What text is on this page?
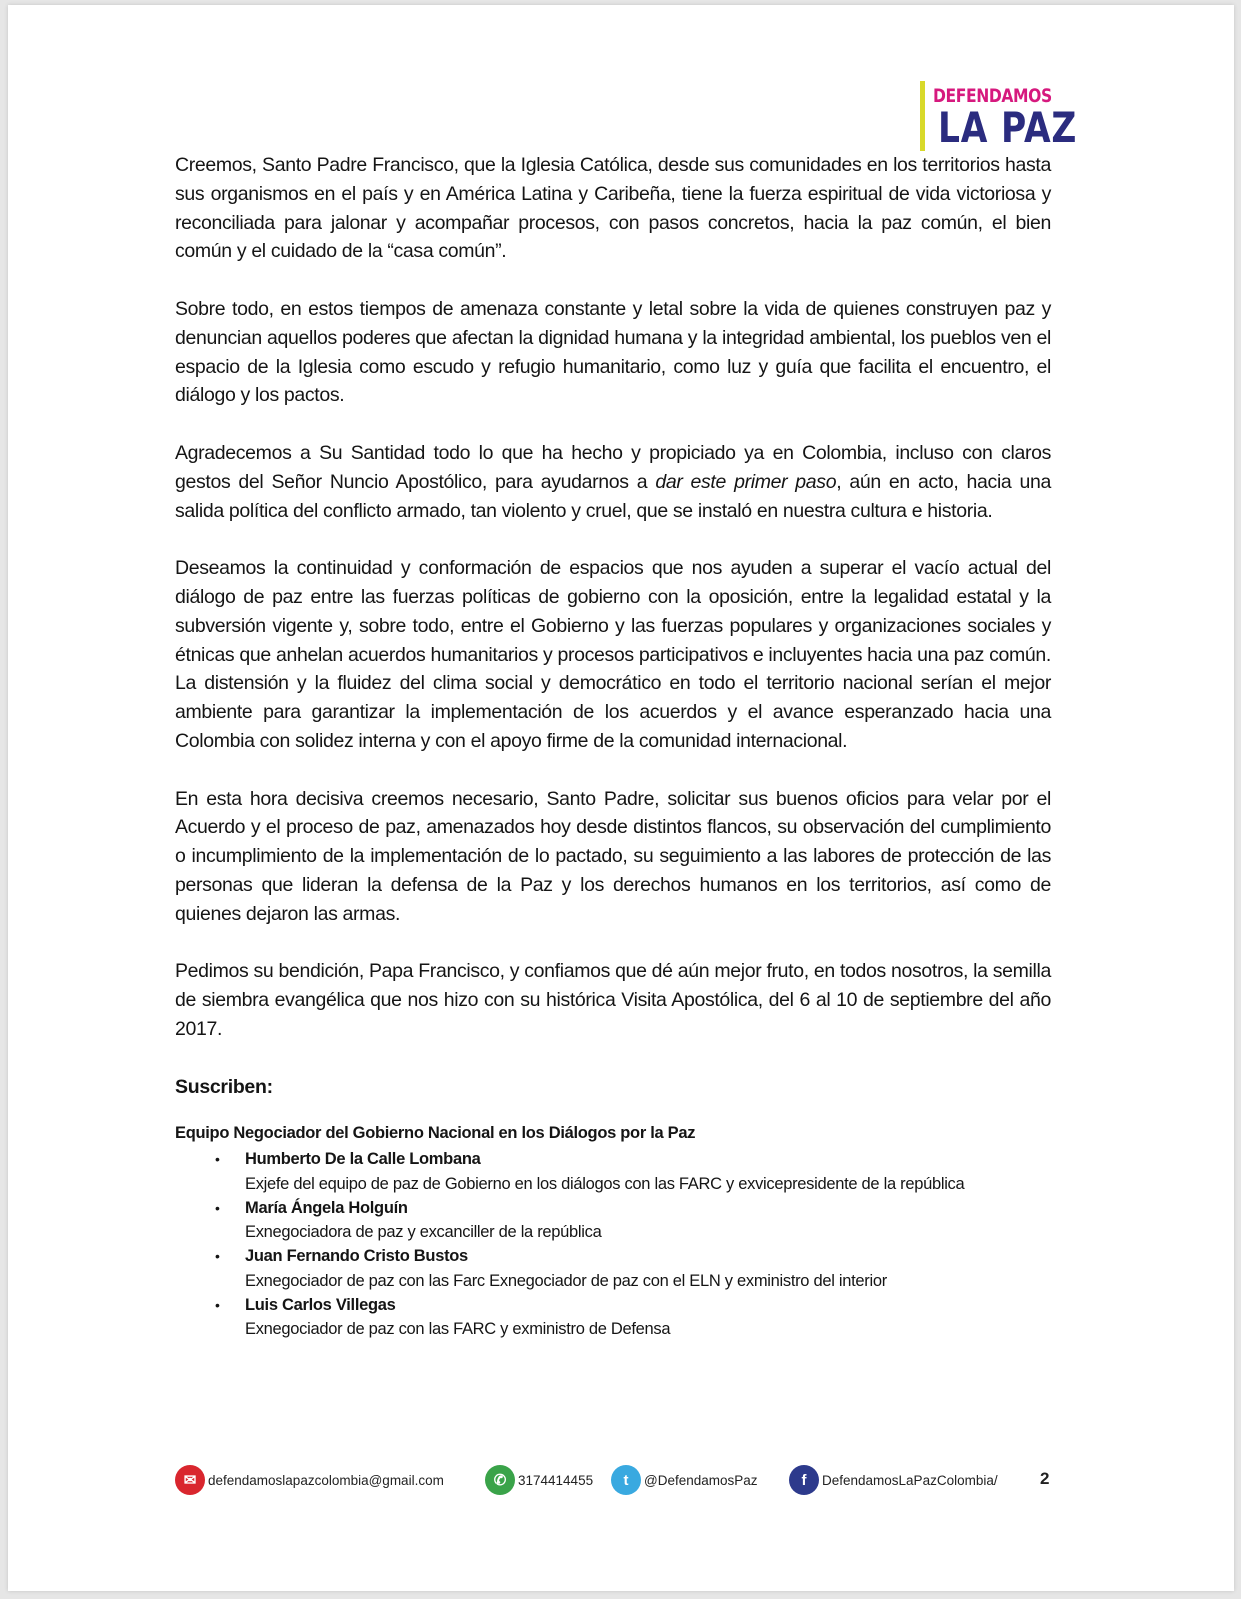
DEFENDAMOS
LA PAZ

Creemos, Santo Padre Francisco, que la Iglesia Católica, desde sus comunidades en los territorios hasta sus organismos en el país y en América Latina y Caribeña, tiene la fuerza espiritual de vida victoriosa y reconciliada para jalonar y acompañar procesos, con pasos concretos, hacia la paz común, el bien común y el cuidado de la “casa común”.

Sobre todo, en estos tiempos de amenaza constante y letal sobre la vida de quienes construyen paz y denuncian aquellos poderes que afectan la dignidad humana y la integridad ambiental, los pueblos ven el espacio de la Iglesia como escudo y refugio humanitario, como luz y guía que facilita el encuentro, el diálogo y los pactos.

Agradecemos a Su Santidad todo lo que ha hecho y propiciado ya en Colombia, incluso con claros gestos del Señor Nuncio Apostólico, para ayudarnos a dar este primer paso, aún en acto, hacia una salida política del conflicto armado, tan violento y cruel, que se instaló en nuestra cultura e historia.

Deseamos la continuidad y conformación de espacios que nos ayuden a superar el vacío actual del diálogo de paz entre las fuerzas políticas de gobierno con la oposición, entre la legalidad estatal y la subversión vigente y, sobre todo, entre el Gobierno y las fuerzas populares y organizaciones sociales y étnicas que anhelan acuerdos humanitarios y procesos participativos e incluyentes hacia una paz común. La distensión y la fluidez del clima social y democrático en todo el territorio nacional serían el mejor ambiente para garantizar la implementación de los acuerdos y el avance esperanzado hacia una Colombia con solidez interna y con el apoyo firme de la comunidad internacional.

En esta hora decisiva creemos necesario, Santo Padre, solicitar sus buenos oficios para velar por el Acuerdo y el proceso de paz, amenazados hoy desde distintos flancos, su observación del cumplimiento o incumplimiento de la implementación de lo pactado, su seguimiento a las labores de protección de las personas que lideran la defensa de la Paz y los derechos humanos en los territorios, así como de quienes dejaron las armas.

Pedimos su bendición, Papa Francisco, y confiamos que dé aún mejor fruto, en todos nosotros, la semilla de siembra evangélica que nos hizo con su histórica Visita Apostólica, del 6 al 10 de septiembre del año 2017.

Suscriben:
Equipo Negociador del Gobierno Nacional en los Diálogos por la Paz
• Humberto De la Calle Lombana
Exjefe del equipo de paz de Gobierno en los diálogos con las FARC y exvicepresidente de la república
• María Ángela Holguín
Exnegociadora de paz y excanciller de la república
• Juan Fernando Cristo Bustos
Exnegociador de paz con las Farc Exnegociador de paz con el ELN y exministro del interior
• Luis Carlos Villegas
Exnegociador de paz con las FARC y exministro de Defensa
✉ defendamoslapazcolombia@gmail.com	✆ 3174414455	t	@DefendamosPaz	f	DefendamosLaPazColombia/ 2
